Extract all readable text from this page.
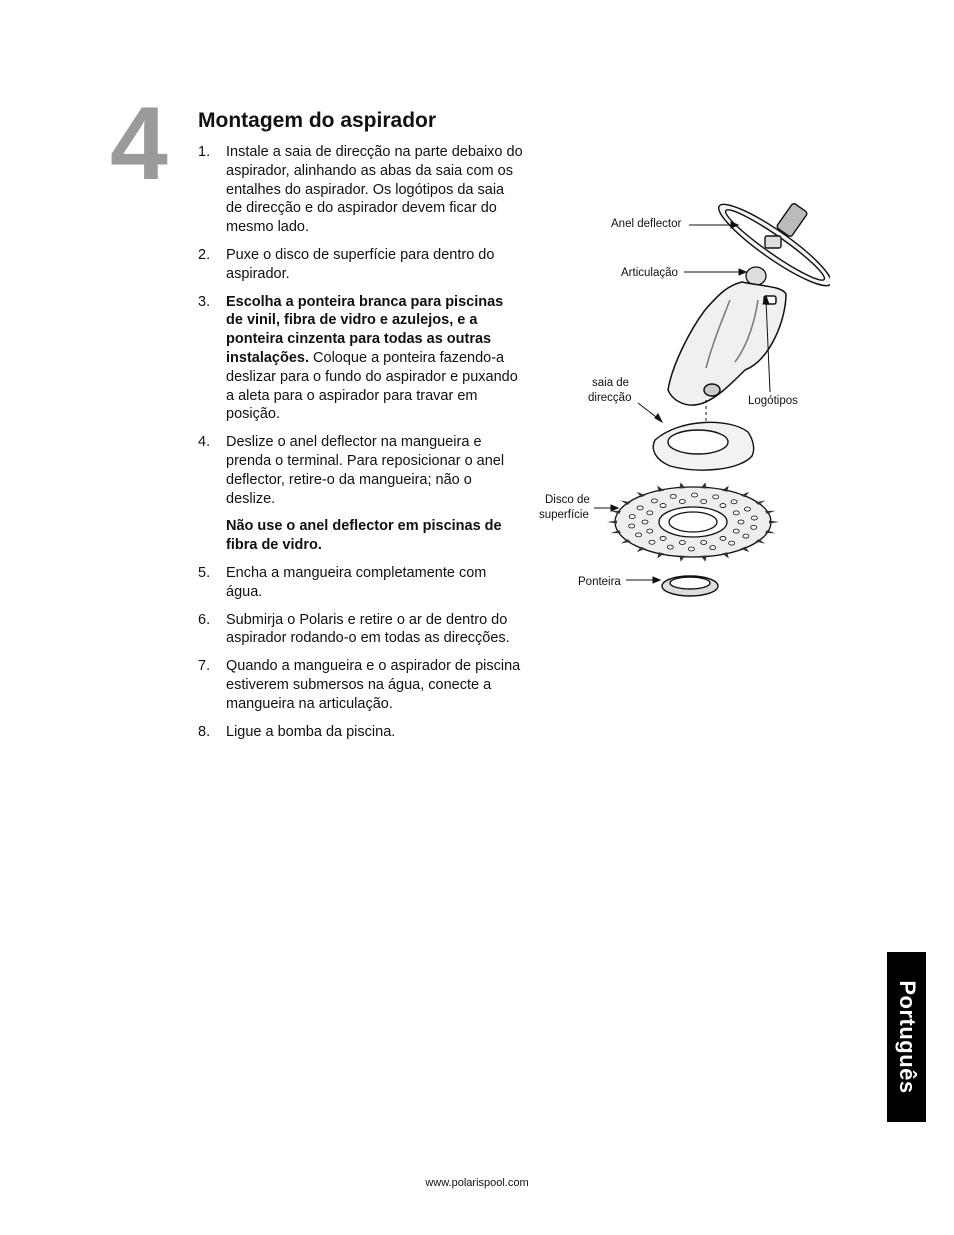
4 Montagem do aspirador
1. Instale a saia de direcção na parte debaixo do aspirador, alinhando as abas da saia com os entalhes do aspirador. Os logótipos da saia de direcção e do aspirador devem ficar do mesmo lado.
2. Puxe o disco de superfície para dentro do aspirador.
3. Escolha a ponteira branca para piscinas de vinil, fibra de vidro e azulejos, e a ponteira cinzenta para todas as outras instalações. Coloque a ponteira fazendo-a deslizar para o fundo do aspirador e puxando a aleta para o aspirador para travar em posição.
4. Deslize o anel deflector na mangueira e prenda o terminal. Para reposicionar o anel deflector, retire-o da mangueira; não o deslize.
Não use o anel deflector em piscinas de fibra de vidro.
5. Encha a mangueira completamente com água.
6. Submirja o Polaris e retire o ar de dentro do aspirador rodando-o em todas as direcções.
7. Quando a mangueira e o aspirador de piscina estiverem submersos na água, conecte a mangueira na articulação.
8. Ligue a bomba da piscina.
Anel deflector
Articulação
saia de
direcção	Logótipos
Disco de
superfície
Ponteira
Português
www.polarispool.com
